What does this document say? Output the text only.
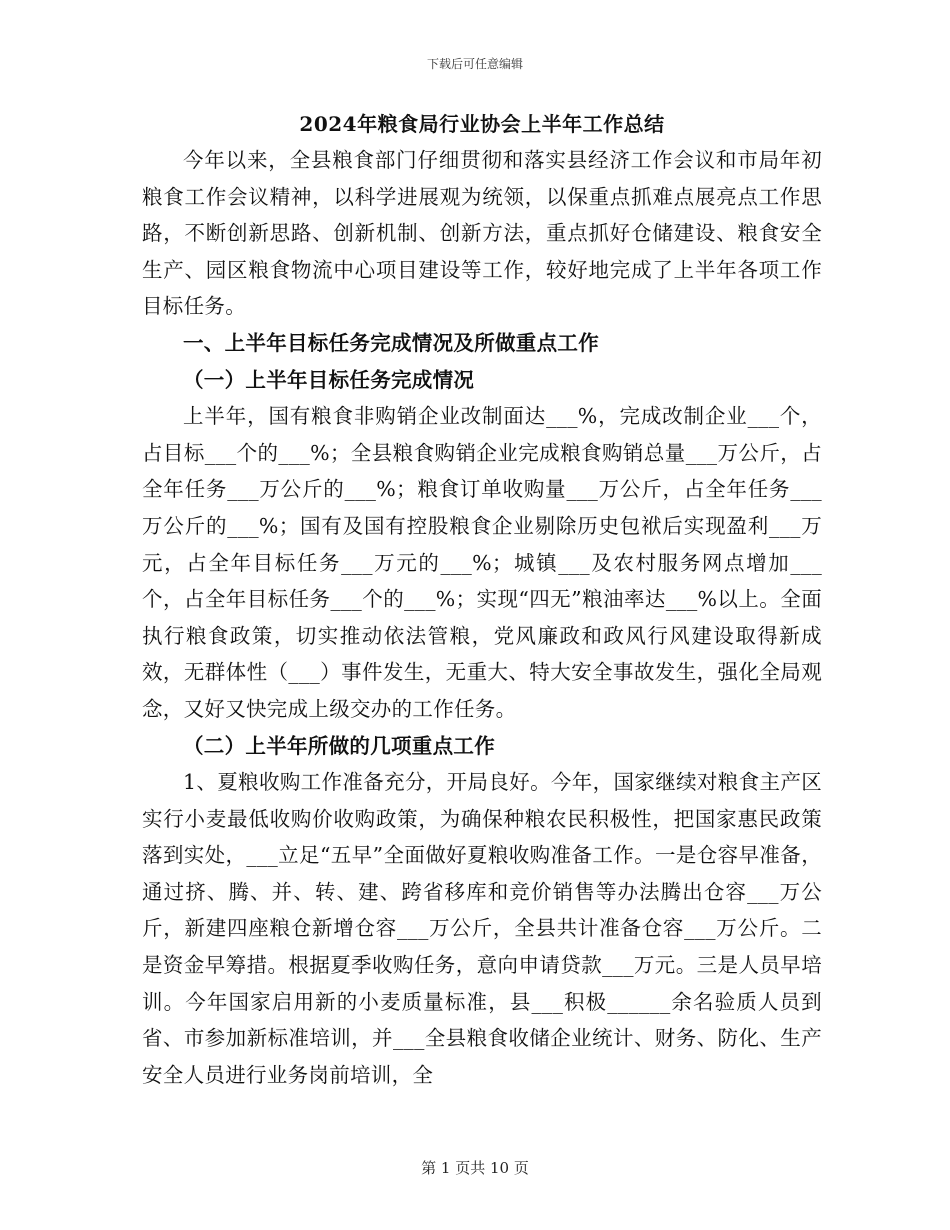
下载后可任意编辑
2024年粮食局行业协会上半年工作总结

今年以来，全县粮食部门仔细贯彻和落实县经济工作会议和市局年初粮食工作会议精神，以科学进展观为统领，以保重点抓难点展亮点工作思路，不断创新思路、创新机制、创新方法，重点抓好仓储建设、粮食安全生产、园区粮食物流中心项目建设等工作，较好地完成了上半年各项工作目标任务。

一、上半年目标任务完成情况及所做重点工作

（一）上半年目标任务完成情况

上半年，国有粮食非购销企业改制面达___%，完成改制企业___个，占目标___个的___%；全县粮食购销企业完成粮食购销总量___万公斤，占全年任务___万公斤的___%；粮食订单收购量___万公斤，占全年任务___万公斤的___%；国有及国有控股粮食企业剔除历史包袱后实现盈利___万元，占全年目标任务___万元的___%；城镇___及农村服务网点增加___个，占全年目标任务___个的___%；实现“四无”粮油率达___%以上。全面执行粮食政策，切实推动依法管粮，党风廉政和政风行风建设取得新成效，无群体性（___）事件发生，无重大、特大安全事故发生，强化全局观念，又好又快完成上级交办的工作任务。

（二）上半年所做的几项重点工作

1、夏粮收购工作准备充分，开局良好。今年，国家继续对粮食主产区实行小麦最低收购价收购政策，为确保种粮农民积极性，把国家惠民政策落到实处，___立足“五早”全面做好夏粮收购准备工作。一是仓容早准备，通过挤、腾、并、转、建、跨省移库和竞价销售等办法腾出仓容___万公斤，新建四座粮仓新增仓容___万公斤，全县共计准备仓容___万公斤。二是资金早筹措。根据夏季收购任务，意向申请贷款___万元。三是人员早培训。今年国家启用新的小麦质量标准，县___积极______余名验质人员到省、市参加新标准培训，并___全县粮食收储企业统计、财务、防化、生产安全人员进行业务岗前培训，全

第 1 页共 10 页
